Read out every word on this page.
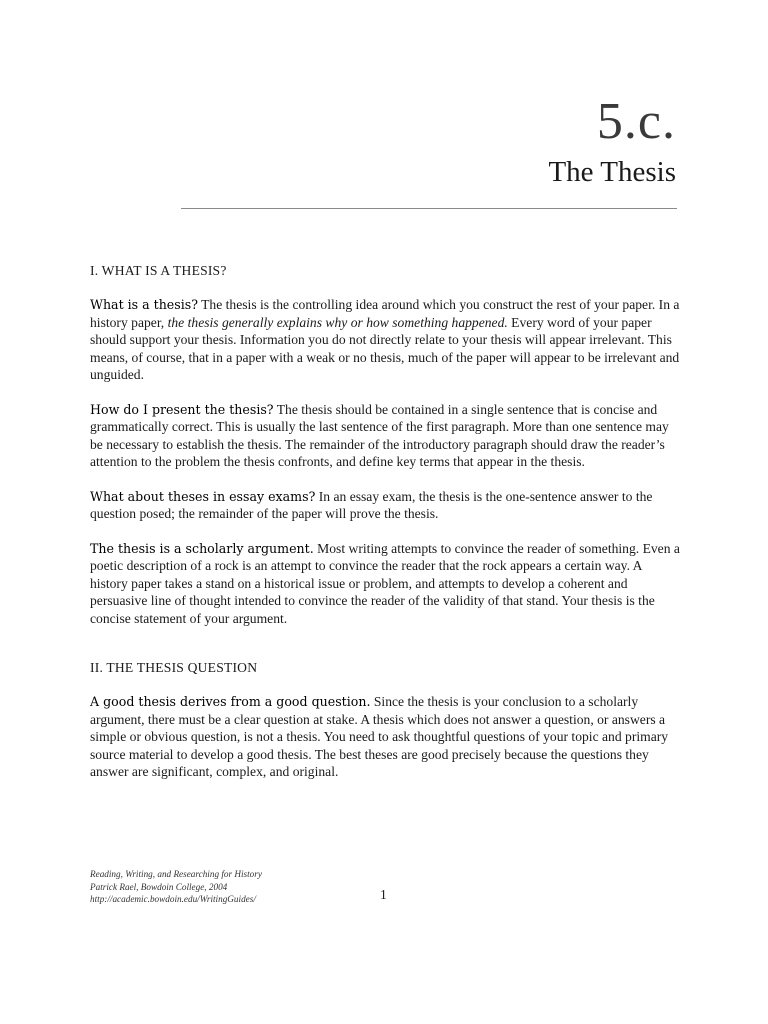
5.c.
The Thesis
I. WHAT IS A THESIS?

What is a thesis? The thesis is the controlling idea around which you construct the rest of your paper. In a history paper, the thesis generally explains why or how something happened. Every word of your paper should support your thesis. Information you do not directly relate to your thesis will appear irrelevant. This means, of course, that in a paper with a weak or no thesis, much of the paper will appear to be irrelevant and unguided.

How do I present the thesis? The thesis should be contained in a single sentence that is concise and grammatically correct. This is usually the last sentence of the first paragraph. More than one sentence may be necessary to establish the thesis. The remainder of the introductory paragraph should draw the reader’s attention to the problem the thesis confronts, and define key terms that appear in the thesis.

What about theses in essay exams? In an essay exam, the thesis is the one-sentence answer to the question posed; the remainder of the paper will prove the thesis.

The thesis is a scholarly argument. Most writing attempts to convince the reader of something. Even a poetic description of a rock is an attempt to convince the reader that the rock appears a certain way. A history paper takes a stand on a historical issue or problem, and attempts to develop a coherent and persuasive line of thought intended to convince the reader of the validity of that stand. Your thesis is the concise statement of your argument.

II. THE THESIS QUESTION

A good thesis derives from a good question. Since the thesis is your conclusion to a scholarly argument, there must be a clear question at stake. A thesis which does not answer a question, or answers a simple or obvious question, is not a thesis. You need to ask thoughtful questions of your topic and primary source material to develop a good thesis. The best theses are good precisely because the questions they answer are significant, complex, and original.

Reading, Writing, and Researching for History
Patrick Rael, Bowdoin College, 2004
http://academic.bowdoin.edu/WritingGuides/	1
